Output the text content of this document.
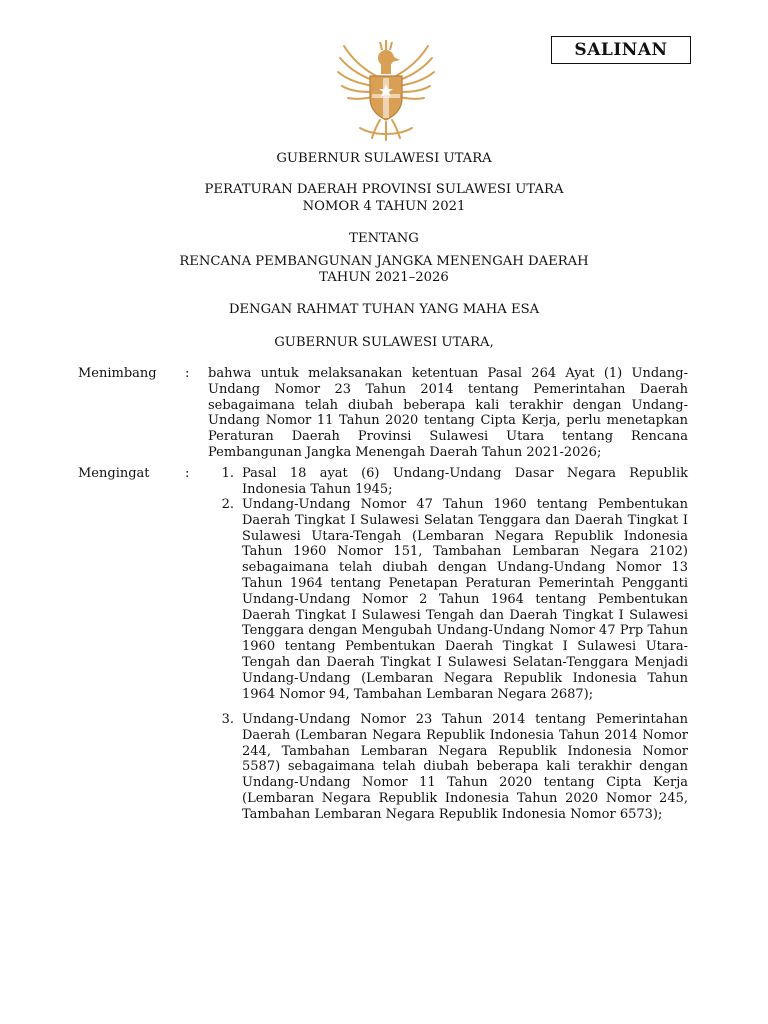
SALINAN
GUBERNUR SULAWESI UTARA
PERATURAN DAERAH PROVINSI SULAWESI UTARA
NOMOR 4 TAHUN 2021
TENTANG
RENCANA PEMBANGUNAN JANGKA MENENGAH DAERAH
TAHUN 2021–2026
DENGAN RAHMAT TUHAN YANG MAHA ESA
GUBERNUR SULAWESI UTARA,
Menimbang : bahwa untuk melaksanakan ketentuan Pasal 264 Ayat (1) Undang-Undang Nomor 23 Tahun 2014 tentang Pemerintahan Daerah sebagaimana telah diubah beberapa kali terakhir dengan Undang-Undang Nomor 11 Tahun 2020 tentang Cipta Kerja, perlu menetapkan Peraturan Daerah Provinsi Sulawesi Utara tentang Rencana Pembangunan Jangka Menengah Daerah Tahun 2021-2026;
Mengingat	:	1. Pasal 18 ayat (6) Undang-Undang Dasar Negara Republik Indonesia Tahun 1945;
2. Undang-Undang Nomor 47 Tahun 1960 tentang Pembentukan Daerah Tingkat I Sulawesi Selatan Tenggara dan Daerah Tingkat I Sulawesi Utara-Tengah (Lembaran Negara Republik Indonesia Tahun 1960 Nomor 151, Tambahan Lembaran Negara 2102) sebagaimana telah diubah dengan Undang-Undang Nomor 13 Tahun 1964 tentang Penetapan Peraturan Pemerintah Pengganti Undang-Undang Nomor 2 Tahun 1964 tentang Pembentukan Daerah Tingkat I Sulawesi Tengah dan Daerah Tingkat I Sulawesi Tenggara dengan Mengubah Undang-Undang Nomor 47 Prp Tahun 1960 tentang Pembentukan Daerah Tingkat I Sulawesi Utara-Tengah dan Daerah Tingkat I Sulawesi Selatan-Tenggara Menjadi Undang-Undang (Lembaran Negara Republik Indonesia Tahun 1964 Nomor 94, Tambahan Lembaran Negara 2687);
3. Undang-Undang Nomor 23 Tahun 2014 tentang Pemerintahan Daerah (Lembaran Negara Republik Indonesia Tahun 2014 Nomor 244, Tambahan Lembaran Negara Republik Indonesia Nomor 5587) sebagaimana telah diubah beberapa kali terakhir dengan Undang-Undang Nomor 11 Tahun 2020 tentang Cipta Kerja (Lembaran Negara Republik Indonesia Tahun 2020 Nomor 245, Tambahan Lembaran Negara Republik Indonesia Nomor 6573);
